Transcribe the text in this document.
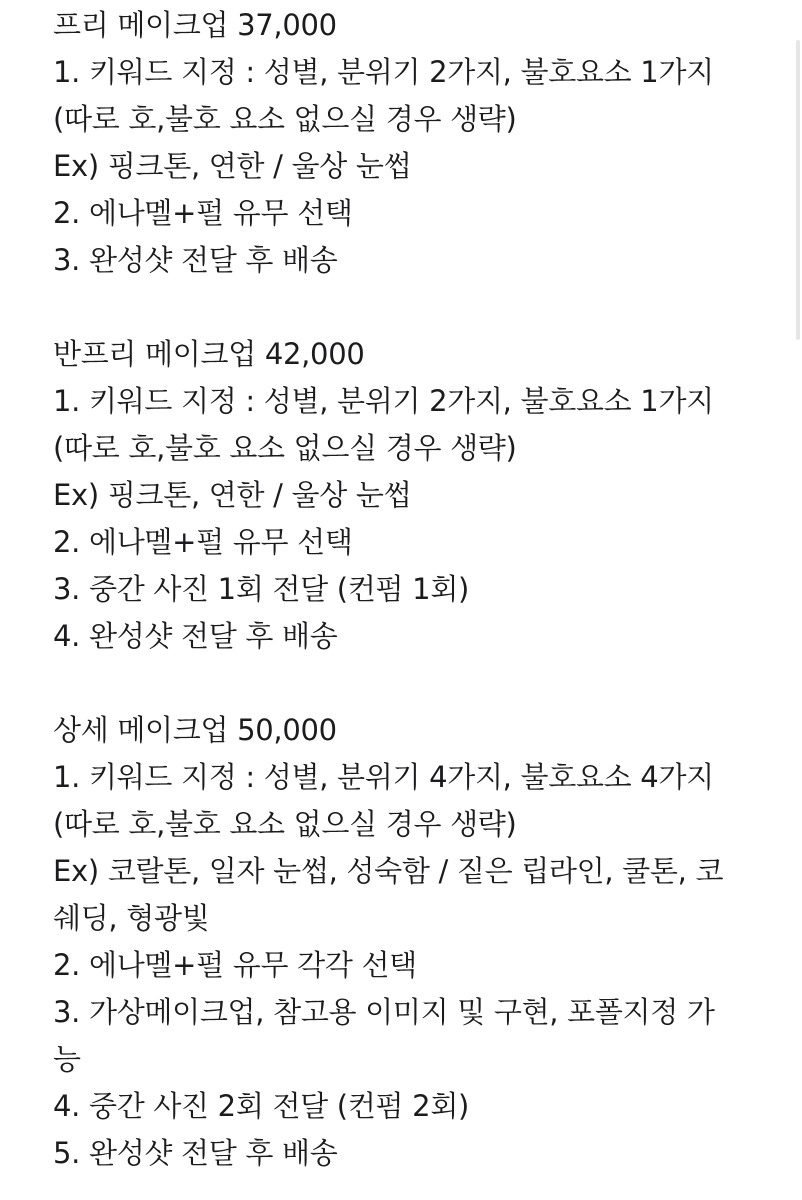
프리 메이크업 37,000
1. 키워드 지정 : 성별, 분위기 2가지, 불호요소 1가지
(따로 호,불호 요소 없으실 경우 생략)
Ex) 핑크톤, 연한 / 울상 눈썹
2. 에나멜+펄 유무 선택
3. 완성샷 전달 후 배송
반프리 메이크업 42,000
1. 키워드 지정 : 성별, 분위기 2가지, 불호요소 1가지
(따로 호,불호 요소 없으실 경우 생략)
Ex) 핑크톤, 연한 / 울상 눈썹
2. 에나멜+펄 유무 선택
3. 중간 사진 1회 전달 (컨펌 1회)
4. 완성샷 전달 후 배송
상세 메이크업 50,000
1. 키워드 지정 : 성별, 분위기 4가지, 불호요소 4가지
(따로 호,불호 요소 없으실 경우 생략)
Ex) 코랄톤, 일자 눈썹, 성숙함 / 짙은 립라인, 쿨톤, 코
쉐딩, 형광빛
2. 에나멜+펄 유무 각각 선택
3. 가상메이크업, 참고용 이미지 및 구현, 포폴지정 가
능
4. 중간 사진 2회 전달 (컨펌 2회)
5. 완성샷 전달 후 배송
